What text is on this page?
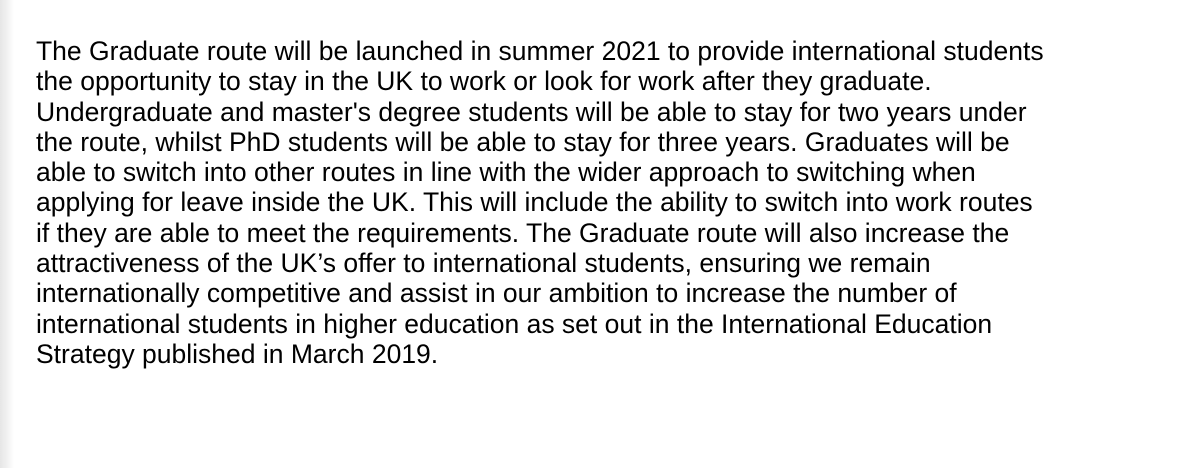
The Graduate route will be launched in summer 2021 to provide international students
the opportunity to stay in the UK to work or look for work after they graduate.
Undergraduate and master's degree students will be able to stay for two years under
the route, whilst PhD students will be able to stay for three years. Graduates will be
able to switch into other routes in line with the wider approach to switching when
applying for leave inside the UK. This will include the ability to switch into work routes
if they are able to meet the requirements. The Graduate route will also increase the
attractiveness of the UK’s offer to international students, ensuring we remain
internationally competitive and assist in our ambition to increase the number of
international students in higher education as set out in the International Education
Strategy published in March 2019.
